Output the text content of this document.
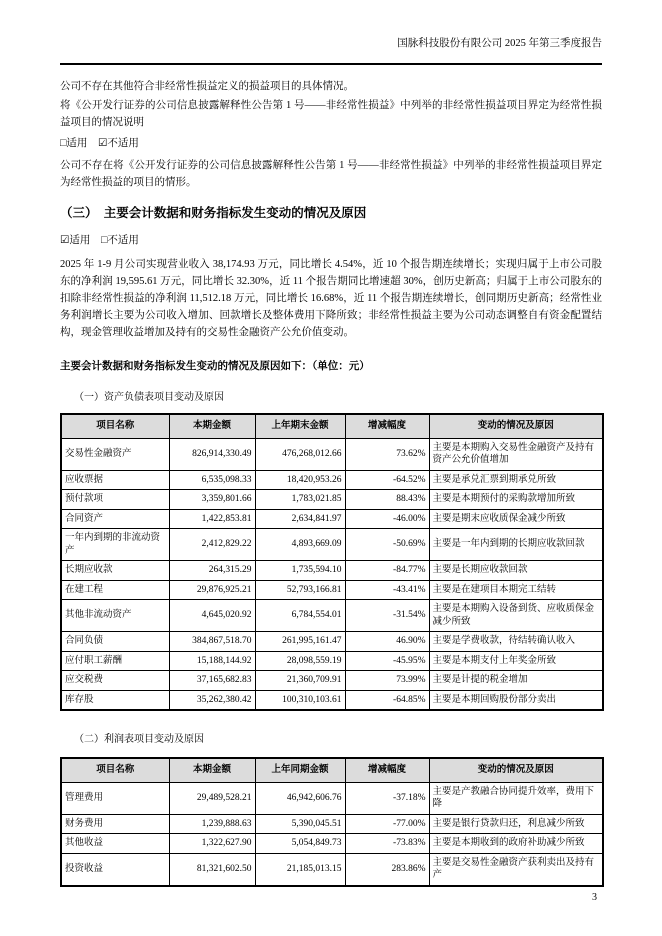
国脉科技股份有限公司 2025 年第三季度报告

公司不存在其他符合非经常性损益定义的损益项目的具体情况。

将《公开发行证券的公司信息披露解释性公告第 1 号——非经常性损益》中列举的非经常性损益项目界定为经常性损益项目的情况说明

□适用 ☑不适用

公司不存在将《公开发行证券的公司信息披露解释性公告第 1 号——非经常性损益》中列举的非经常性损益项目界定为经常性损益的项目的情形。

（三）　主要会计数据和财务指标发生变动的情况及原因
☑适用 □不适用

2025 年 1-9 月公司实现营业收入 38,174.93 万元，同比增长 4.54%，近 10 个报告期连续增长；实现归属于上市公司股东的净利润 19,595.61 万元，同比增长 32.30%，近 11 个报告期同比增速超 30%，创历史新高；归属于上市公司股东的扣除非经常性损益的净利润 11,512.18 万元，同比增长 16.68%，近 11 个报告期连续增长，创同期历史新高；经常性业务利润增长主要为公司收入增加、回款增长及整体费用下降所致；非经常性损益主要为公司动态调整自有资金配置结构，现金管理收益增加及持有的交易性金融资产公允价值变动。

主要会计数据和财务指标发生变动的情况及原因如下：（单位：元）

（一）资产负债表项目变动及原因

项目名称	本期金额	上年期末金额	增减幅度	变动的情况及原因
交易性金融资产	826,914,330.49	476,268,012.66	73.62%	主要是本期购入交易性金融资产及持有资产公允价值增加
应收票据	6,535,098.33	18,420,953.26	-64.52%	主要是承兑汇票到期承兑所致
预付款项	3,359,801.66	1,783,021.85	88.43%	主要是本期预付的采购款增加所致
合同资产	1,422,853.81	2,634,841.97	-46.00%	主要是期末应收质保金减少所致
一年内到期的非流动资产	2,412,829.22	4,893,669.09	-50.69%	主要是一年内到期的长期应收款回款
长期应收款	264,315.29	1,735,594.10	-84.77%	主要是长期应收款回款
在建工程	29,876,925.21	52,793,166.81	-43.41%	主要是在建项目本期完工结转
其他非流动资产	4,645,020.92	6,784,554.01	-31.54%	主要是本期购入设备到货、应收质保金减少所致
合同负债	384,867,518.70	261,995,161.47	46.90%	主要是学费收款，待结转确认收入
应付职工薪酬	15,188,144.92	28,098,559.19	-45.95%	主要是本期支付上年奖金所致
应交税费	37,165,682.83	21,360,709.91	73.99%	主要是计提的税金增加
库存股	35,262,380.42	100,310,103.61	-64.85%	主要是本期回购股份部分卖出

（二）利润表项目变动及原因

项目名称	本期金额	上年同期金额	增减幅度	变动的情况及原因
管理费用	29,489,528.21	46,942,606.76	-37.18%	主要是产教融合协同提升效率，费用下降
财务费用	1,239,888.63	5,390,045.51	-77.00%	主要是银行贷款归还，利息减少所致
其他收益	1,322,627.90	5,054,849.73	-73.83%	主要是本期收到的政府补助减少所致
投资收益	81,321,602.50	21,185,013.15	283.86%	主要是交易性金融资产获利卖出及持有产
3
